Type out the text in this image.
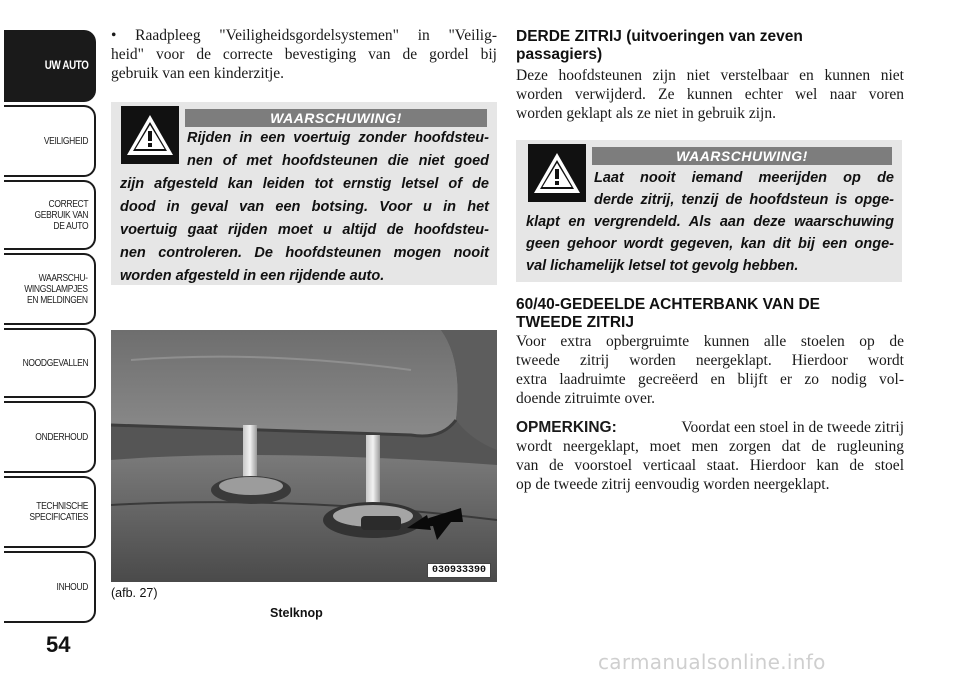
UW AUTO
VEILIGHEID
CORRECT
GEBRUIK VAN
DE AUTO
WAARSCHU-
WINGSLAMPJES
EN MELDINGEN
NOODGEVALLEN
ONDERHOUD
TECHNISCHE
SPECIFICATIES
INHOUD
54
• Raadpleeg "Veiligheidsgordelsystemen" in "Veilig-
heid" voor de correcte bevestiging van de gordel bij
gebruik van een kinderzitje.
WAARSCHUWING!
Rijden in een voertuig zonder hoofdsteu-
nen of met hoofdsteunen die niet goed
zijn afgesteld kan leiden tot ernstig letsel of de
dood in geval van een botsing. Voor u in het
voertuig gaat rijden moet u altijd de hoofdsteu-
nen controleren. De hoofdsteunen mogen nooit
worden afgesteld in een rijdende auto.
030933390
(afb. 27)
Stelknop
DERDE ZITRIJ (uitvoeringen van zeven
passagiers)
Deze hoofdsteunen zijn niet verstelbaar en kunnen niet
worden verwijderd. Ze kunnen echter wel naar voren
worden geklapt als ze niet in gebruik zijn.
WAARSCHUWING!
Laat nooit iemand meerijden op de
derde zitrij, tenzij de hoofdsteun is opge-
klapt en vergrendeld. Als aan deze waarschuwing
geen gehoor wordt gegeven, kan dit bij een onge-
val lichamelijk letsel tot gevolg hebben.
60/40-GEDEELDE ACHTERBANK VAN DE
TWEEDE ZITRIJ
Voor extra opbergruimte kunnen alle stoelen op de
tweede zitrij worden neergeklapt. Hierdoor wordt
extra laadruimte gecreëerd en blijft er zo nodig vol-
doende zitruimte over.
OPMERKING:	Voordat een stoel in de tweede zitrij
wordt neergeklapt, moet men zorgen dat de rugleuning
van de voorstoel verticaal staat. Hierdoor kan de stoel
op de tweede zitrij eenvoudig worden neergeklapt.
carmanualsonline.info
